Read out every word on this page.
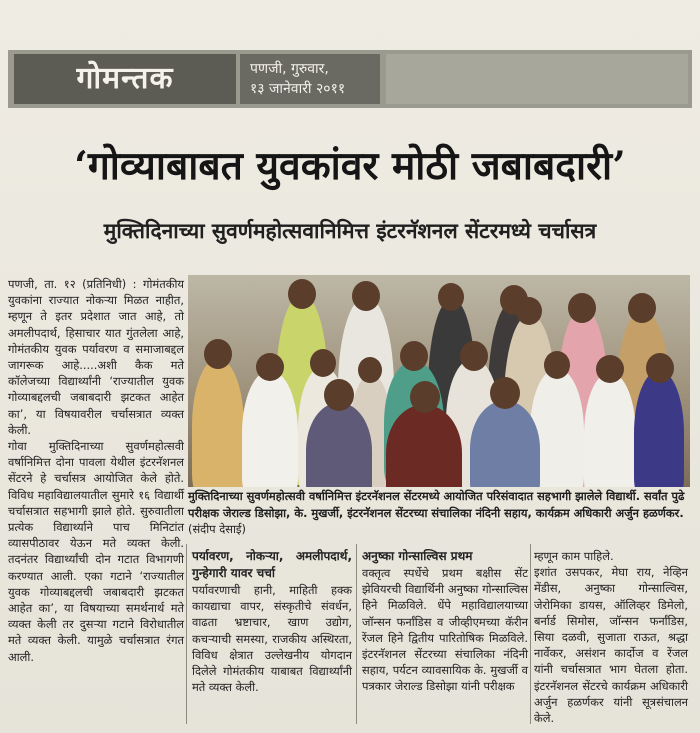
गोमन्तक	पणजी, गुरुवार,
१३ जानेवारी २०११
‘गोव्याबाबत युवकांवर मोठी जबाबदारी’
मुक्तिदिनाच्या सुवर्णमहोत्सवानिमित्त इंटरनॅशनल सेंटरमध्ये चर्चासत्र

पणजी, ता. १२ (प्रतिनिधी) : गोमंतकीय युवकांना राज्यात नोकऱ्या मिळत नाहीत, म्हणून ते इतर प्रदेशात जात आहे, तो अमलीपदार्थ, हिसाचार यात गुंतलेला आहे, गोमंतकीय युवक पर्यावरण व समाजाबद्दल जागरूक आहे.....अशी कैक मते कॉलेजच्या विद्यार्थ्यांनी ‘राज्यातील युवक गोव्याबद्दलची जबाबदारी झटकत आहेत का’, या विषयावरील चर्चासत्रात व्यक्त केली.

गोवा मुक्तिदिनाच्या सुवर्णमहोत्सवी वर्षानिमित्त दोना पावला येथील इंटरनॅशनल सेंटरने हे चर्चासत्र आयोजित केले होते. विविध महाविद्यालयातील सुमारे १६ विद्यार्थी चर्चासत्रात सहभागी झाले होते. सुरुवातीला प्रत्येक विद्यार्थ्याने पाच मिनिटांत व्यासपीठावर येऊन मते व्यक्त केली. तदनंतर विद्यार्थ्यांची दोन गटात विभागणी करण्यात आली. एका गटाने ‘राज्यातील युवक गोव्याबद्दलची जबाबदारी झटकत आहेत का’, या विषयाच्या समर्थनार्थ मते व्यक्त केली तर दुसऱ्या गटाने विरोधातील मते व्यक्त केली. यामुळे चर्चासत्रात रंगत आली.

मुक्तिदिनाच्या सुवर्णमहोत्सवी वर्षानिमित्त इंटरनॅशनल सेंटरमध्ये आयोजित परिसंवादात सहभागी झालेले विद्यार्थी. सर्वांत पुढे परीक्षक जेराल्ड डिसोझा, के. मुखर्जी, इंटरनॅशनल सेंटरच्या संचालिका नंदिनी सहाय, कार्यक्रम अधिकारी अर्जुन हळर्णकर. (संदीप देसाई)

पर्यावरण, नोकऱ्या, अमलीपदार्थ, गुन्हेगारी यावर चर्चा

पर्यावरणाची हानी, माहिती हक्क कायद्याचा वापर, संस्कृतीचे संवर्धन, वाढता भ्रष्टाचार, खाण उद्योग, कचऱ्याची समस्या, राजकीय अस्थिरता, विविध क्षेत्रात उल्लेखनीय योगदान दिलेले गोमंतकीय याबाबत विद्यार्थ्यांनी मते व्यक्त केली.

अनुष्का गोन्साल्विस प्रथम

वक्तृत्व स्पर्धेचे प्रथम बक्षीस सेंट झेवियरची विद्यार्थिनी अनुष्का गोन्साल्विस हिने मिळविले. धेंपे महाविद्यालयाच्या जॉन्सन फर्नांडिस व जीव्हीएमच्या कॅरीन रेंजल हिने द्वितीय पारितोषिक मिळविले. इंटरनॅशनल सेंटरच्या संचालिका नंदिनी सहाय, पर्यटन व्यावसायिक के. मुखर्जी व पत्रकार जेराल्ड डिसोझा यांनी परीक्षक

म्हणून काम पाहिले.

इशांत उसपकर, मेघा राय, नेव्हिन मेंडीस, अनुष्का गोन्साल्विस, जेरोमिका डायस, ऑलिव्हर डिमेलो, बर्नार्ड सिमोस, जॉन्सन फर्नांडिस, सिया दळवी, सुजाता राऊत, श्रद्धा नार्वेकर, असंशन कार्दोज व रेंजल यांनी चर्चासत्रात भाग घेतला होता. इंटरनॅशनल सेंटरचे कार्यक्रम अधिकारी अर्जुन हळर्णकर यांनी सूत्रसंचालन केले.
